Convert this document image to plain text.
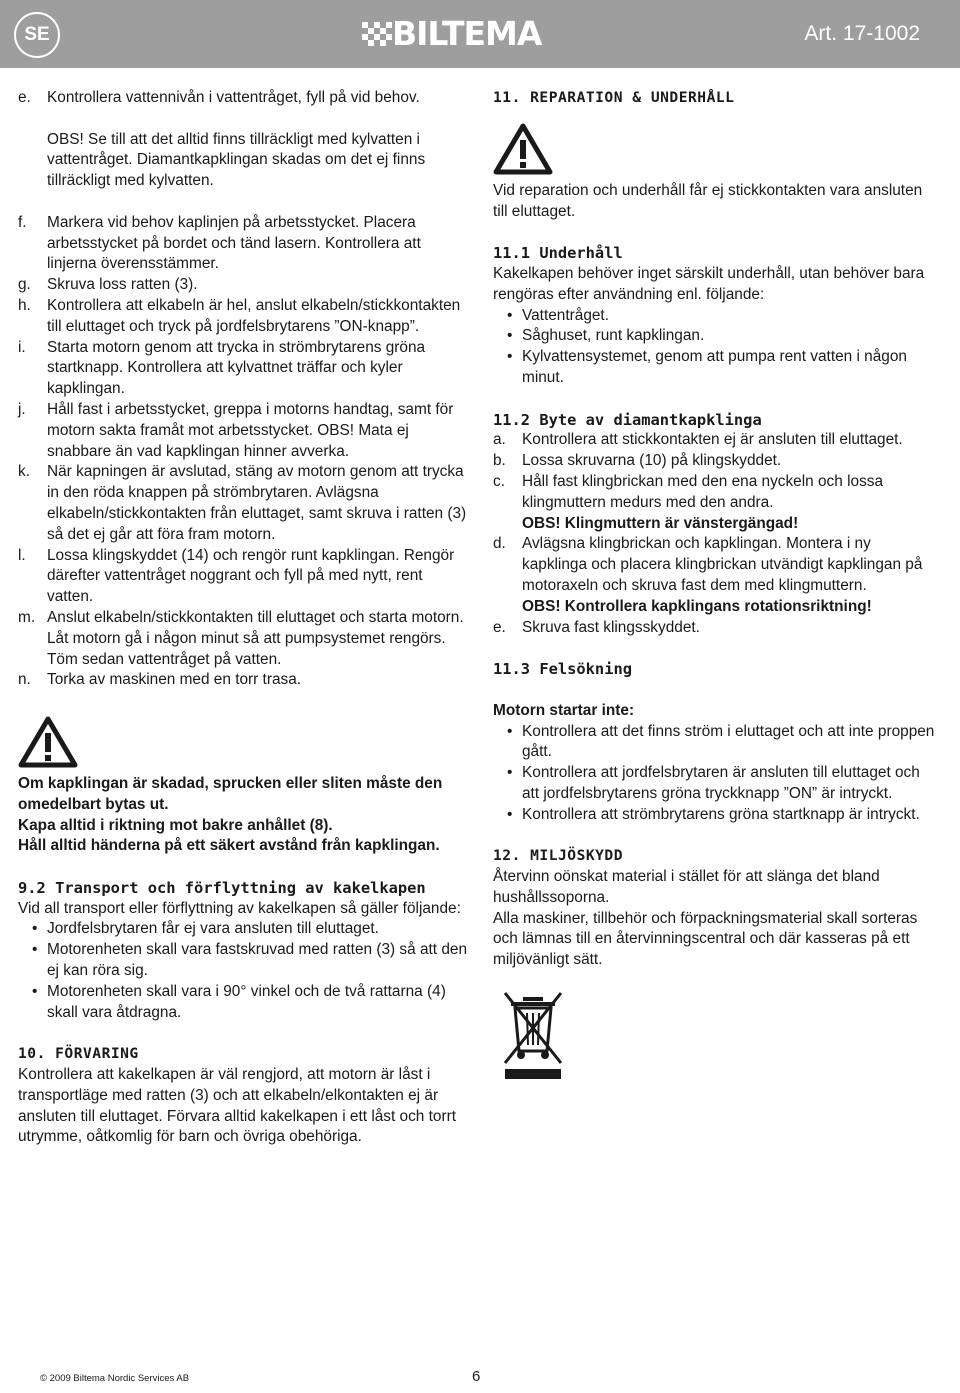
SE	BILTEMA	Art. 17-1002
e.	Kontrollera vattennivån i vattentråget, fyll på vid behov.
OBS! Se till att det alltid finns tillräckligt med kylvatten i vattentråget. Diamantkapklingan skadas om det ej finns tillräckligt med kylvatten.
f.	Markera vid behov kaplinjen på arbetsstycket. Placera arbetsstycket på bordet och tänd lasern. Kontrollera att linjerna överensstämmer.
g.	Skruva loss ratten (3).
h.	Kontrollera att elkabeln är hel, anslut elkabeln/stickkontakten till eluttaget och tryck på jordfelsbrytarens ”ON-knapp”.
i.	Starta motorn genom att trycka in strömbrytarens gröna startknapp. Kontrollera att kylvattnet träffar och kyler kapklingan.
j.	Håll fast i arbetsstycket, greppa i motorns handtag, samt för motorn sakta framåt mot arbetsstycket. OBS! Mata ej snabbare än vad kapklingan hinner avverka.
k.	När kapningen är avslutad, stäng av motorn genom att trycka in den röda knappen på strömbrytaren. Avlägsna elkabeln/stickkontakten från eluttaget, samt skruva i ratten (3) så det ej går att föra fram motorn.
l.	Lossa klingskyddet (14) och rengör runt kapklingan. Rengör därefter vattentråget noggrant och fyll på med nytt, rent vatten.
m. Anslut elkabeln/stickkontakten till eluttaget och starta motorn. Låt motorn gå i någon minut så att pumpsystemet rengörs. Töm sedan vattentråget på vatten.
n.	Torka av maskinen med en torr trasa.
Om kapklingan är skadad, sprucken eller sliten måste den omedelbart bytas ut.
Kapa alltid i riktning mot bakre anhållet (8).
Håll alltid händerna på ett säkert avstånd från kapklingan.
9.2 Transport och förflyttning av kakelkapen
Vid all transport eller förflyttning av kakelkapen så gäller följande:
• Jordfelsbrytaren får ej vara ansluten till eluttaget.
• Motorenheten skall vara fastskruvad med ratten (3) så att den ej kan röra sig.
• Motorenheten skall vara i 90° vinkel och de två rattarna (4) skall vara åtdragna.
10. FÖRVARING
Kontrollera att kakelkapen är väl rengjord, att motorn är låst i transportläge med ratten (3) och att elkabeln/elkontakten ej är ansluten till eluttaget. Förvara alltid kakelkapen i ett låst och torrt utrymme, oåtkomlig för barn och övriga obehöriga.
11. REPARATION & UNDERHÅLL
Vid reparation och underhåll får ej stickkontakten vara ansluten till eluttaget.
11.1 Underhåll
Kakelkapen behöver inget särskilt underhåll, utan behöver bara rengöras efter användning enl. följande:
• Vattentråget.
• Såghuset, runt kapklingan.
• Kylvattensystemet, genom att pumpa rent vatten i någon minut.
11.2 Byte av diamantkapklinga
a.	Kontrollera att stickkontakten ej är ansluten till eluttaget.
b.	Lossa skruvarna (10) på klingskyddet.
c.	Håll fast klingbrickan med den ena nyckeln och lossa klingmuttern medurs med den andra.
OBS! Klingmuttern är vänstergängad!
d.	Avlägsna klingbrickan och kapklingan. Montera i ny kapklinga och placera klingbrickan utvändigt kapklingan på motoraxeln och skruva fast dem med klingmuttern.
OBS! Kontrollera kapklingans rotationsriktning!
e.	Skruva fast klingsskyddet.
11.3 Felsökning
Motorn startar inte:
• Kontrollera att det finns ström i eluttaget och att inte proppen gått.
• Kontrollera att jordfelsbrytaren är ansluten till eluttaget och att jordfelsbrytarens gröna tryckknapp ”ON” är intryckt.
• Kontrollera att strömbrytarens gröna startknapp är intryckt.
12. MILJÖSKYDD
Återvinn oönskat material i stället för att slänga det bland hushållssoporna.
Alla maskiner, tillbehör och förpackningsmaterial skall sorteras och lämnas till en återvinningscentral och där kasseras på ett miljövänligt sätt.
© 2009 Biltema Nordic Services AB	6
